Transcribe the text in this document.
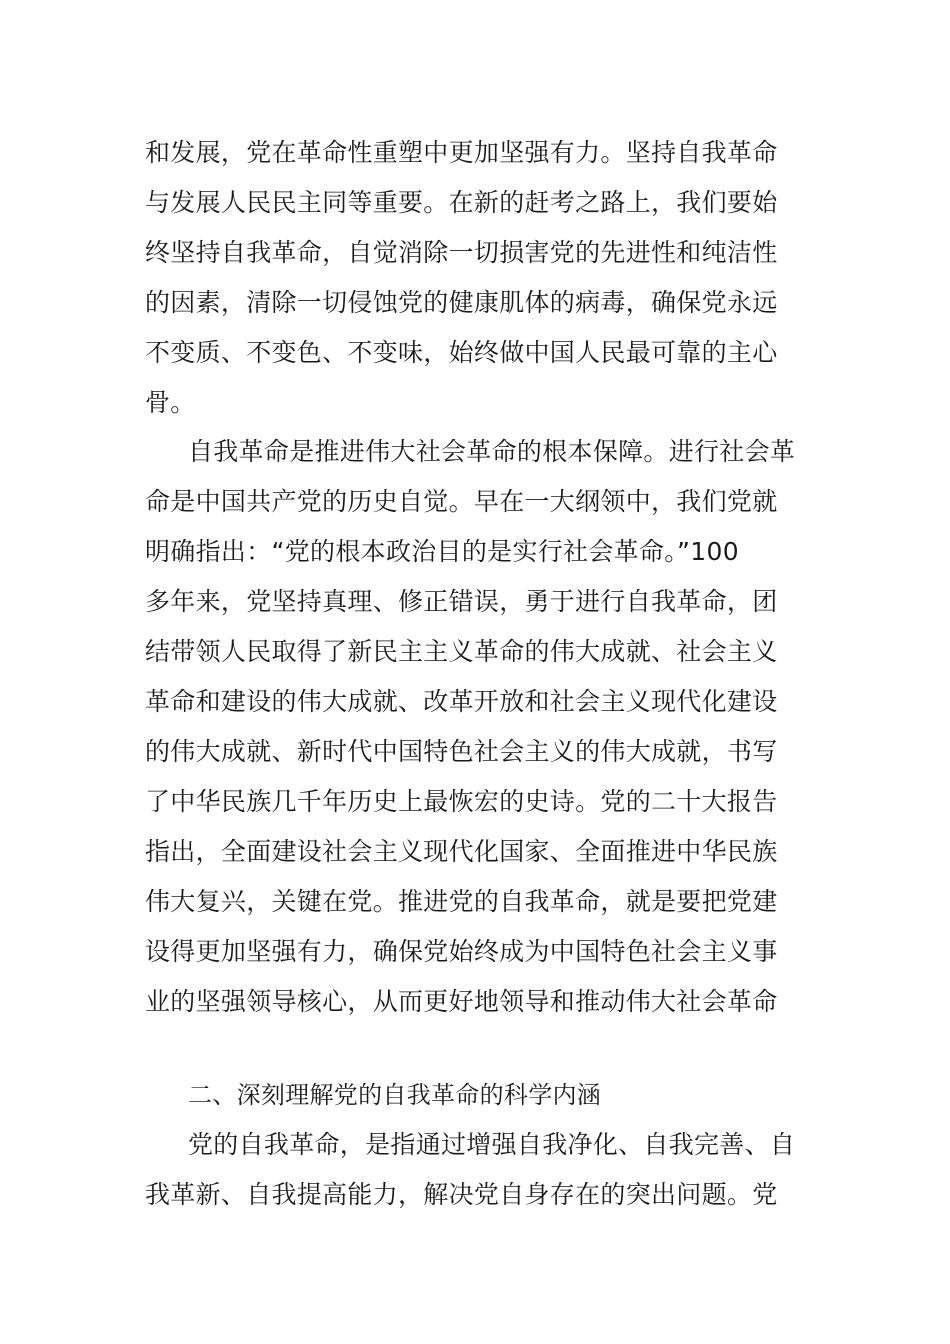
和发展，党在革命性重塑中更加坚强有力。坚持自我革命
与发展人民民主同等重要。在新的赶考之路上，我们要始
终坚持自我革命，自觉消除一切损害党的先进性和纯洁性
的因素，清除一切侵蚀党的健康肌体的病毒，确保党永远
不变质、不变色、不变味，始终做中国人民最可靠的主心
骨。
自我革命是推进伟大社会革命的根本保障。进行社会革
命是中国共产党的历史自觉。早在一大纲领中，我们党就
明确指出：“党的根本政治目的是实行社会革命。”100
多年来，党坚持真理、修正错误，勇于进行自我革命，团
结带领人民取得了新民主主义革命的伟大成就、社会主义
革命和建设的伟大成就、改革开放和社会主义现代化建设
的伟大成就、新时代中国特色社会主义的伟大成就，书写
了中华民族几千年历史上最恢宏的史诗。党的二十大报告
指出，全面建设社会主义现代化国家、全面推进中华民族
伟大复兴，关键在党。推进党的自我革命，就是要把党建
设得更加坚强有力，确保党始终成为中国特色社会主义事
业的坚强领导核心，从而更好地领导和推动伟大社会革命
二、深刻理解党的自我革命的科学内涵
党的自我革命，是指通过增强自我净化、自我完善、自
我革新、自我提高能力，解决党自身存在的突出问题。党
